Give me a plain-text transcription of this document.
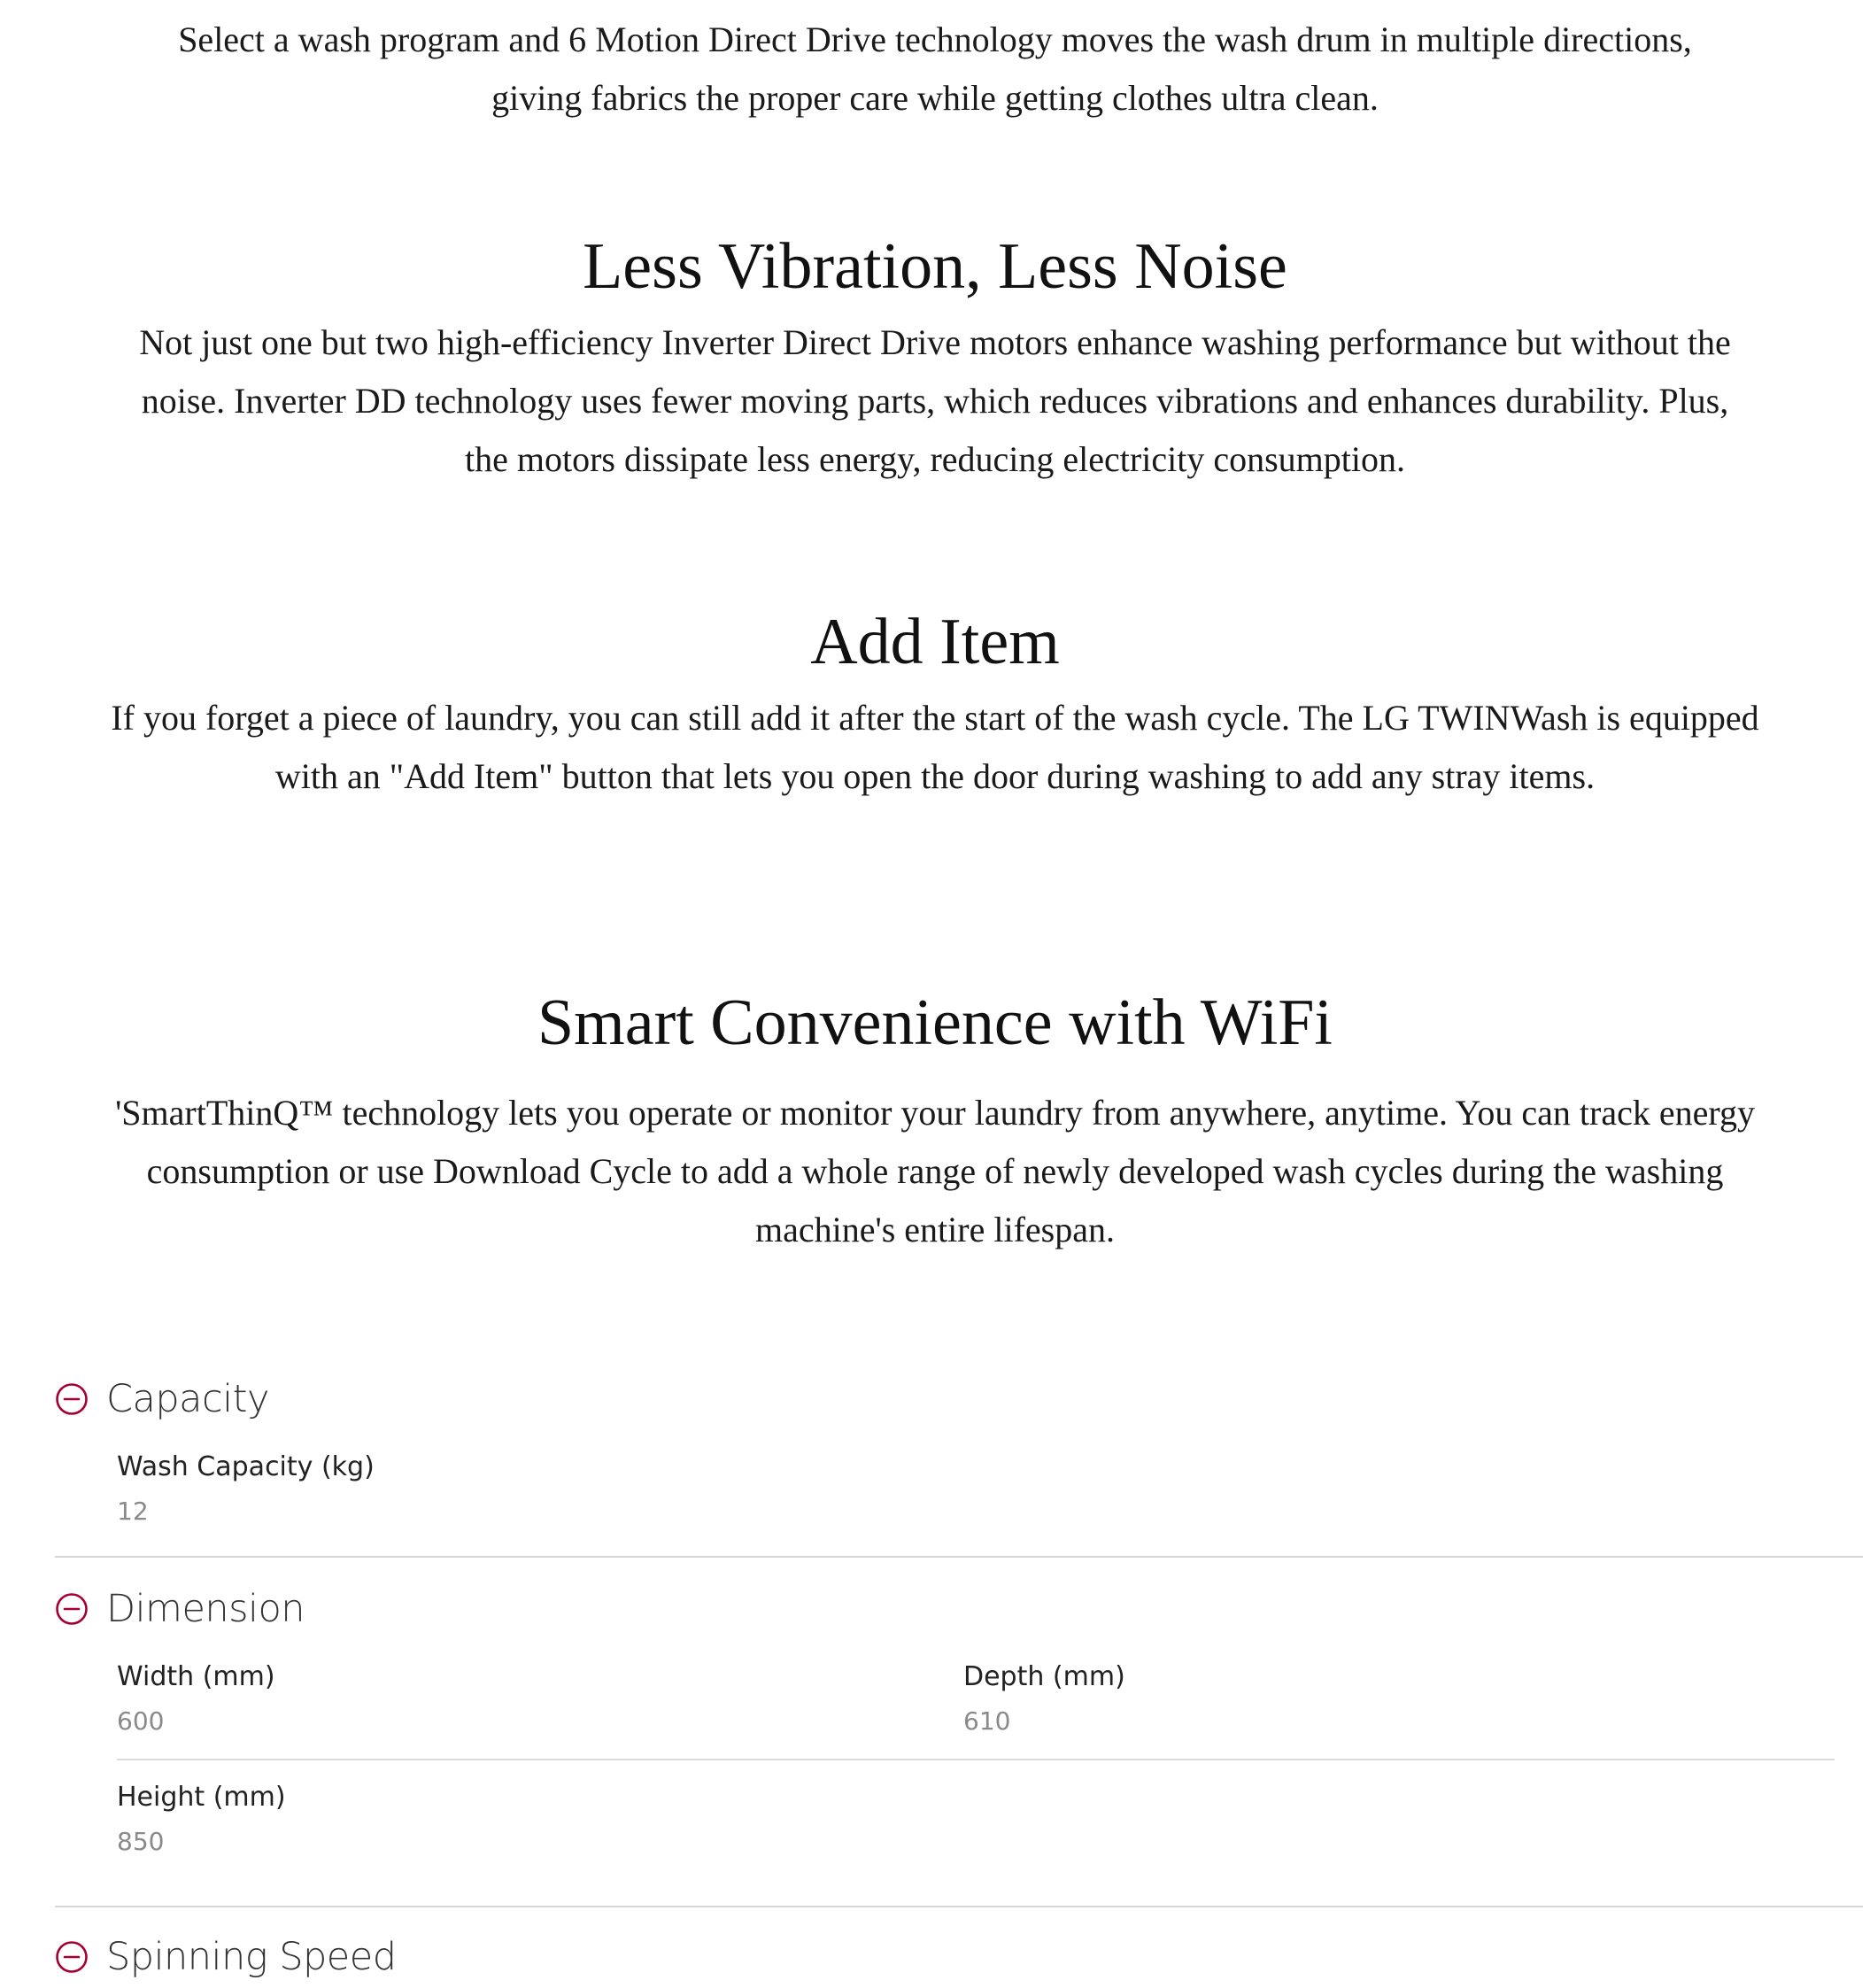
Select a wash program and 6 Motion Direct Drive technology moves the wash drum in multiple directions, giving fabrics the proper care while getting clothes ultra clean.

Less Vibration, Less Noise

Not just one but two high-efficiency Inverter Direct Drive motors enhance washing performance but without the noise. Inverter DD technology uses fewer moving parts, which reduces vibrations and enhances durability. Plus, the motors dissipate less energy, reducing electricity consumption.

Add Item

If you forget a piece of laundry, you can still add it after the start of the wash cycle. The LG TWINWash is equipped with an "Add Item" button that lets you open the door during washing to add any stray items.

Smart Convenience with WiFi

'SmartThinQ™ technology lets you operate or monitor your laundry from anywhere, anytime. You can track energy consumption or use Download Cycle to add a whole range of newly developed wash cycles during the washing machine's entire lifespan.

Capacity
Wash Capacity (kg)
12
Dimension
Width (mm)
600
Depth (mm)
610
Height (mm)
850
Spinning Speed
